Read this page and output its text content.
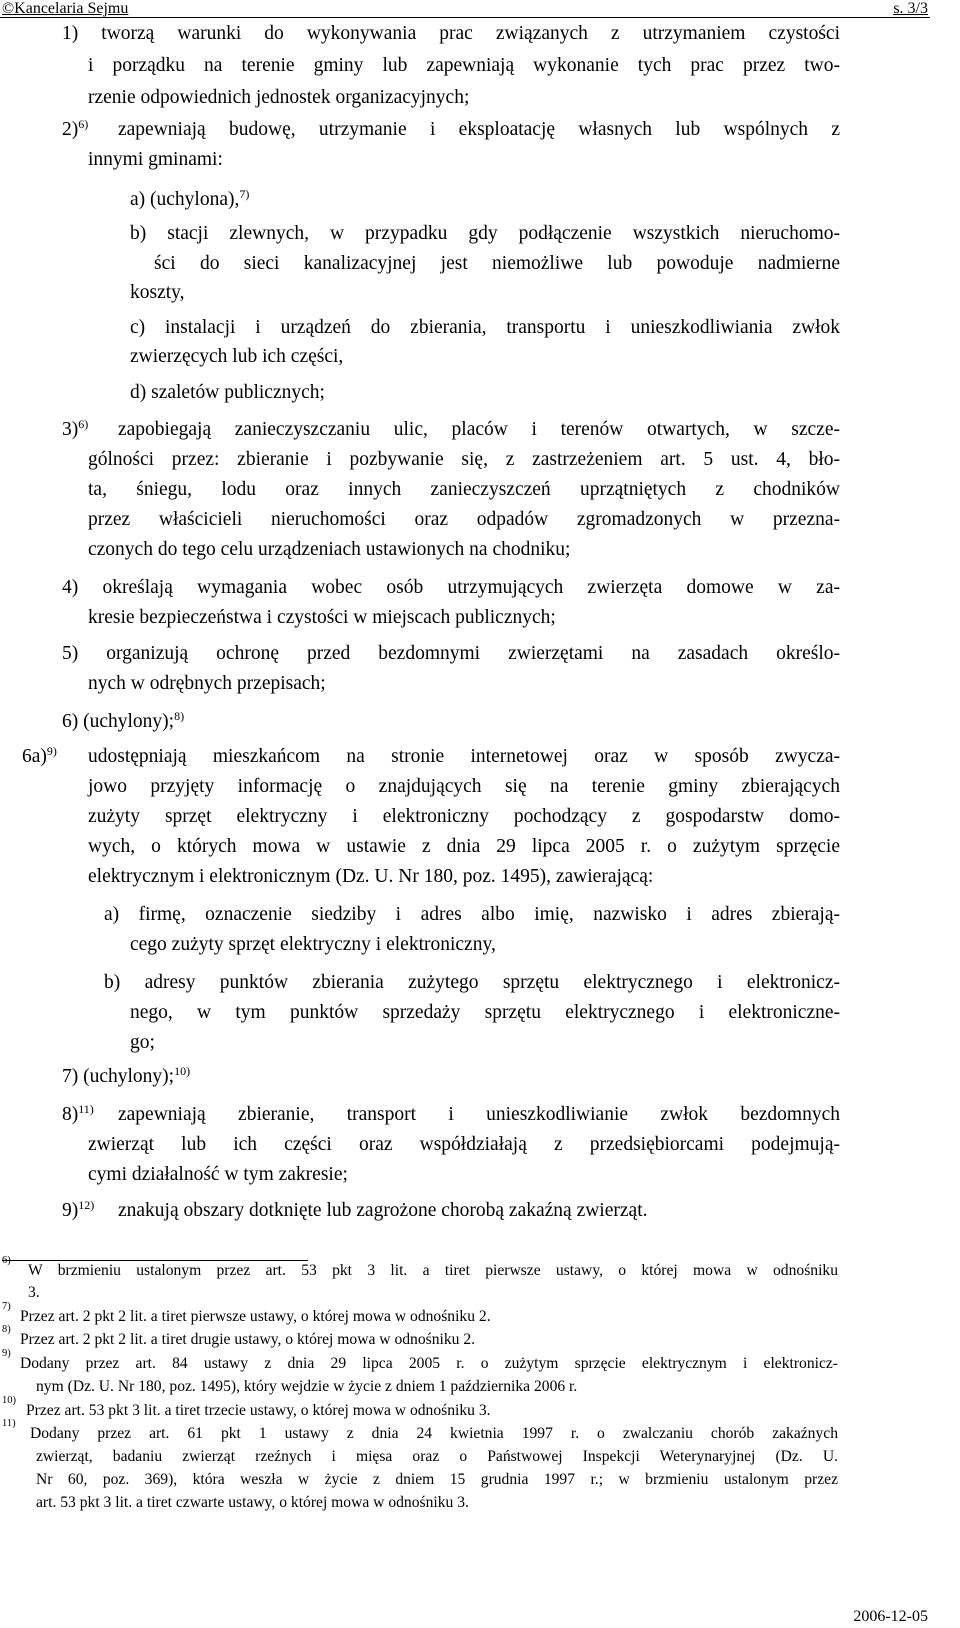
©Kancelaria Sejmu	s. 3/3
1) tworzą warunki do wykonywania prac związanych z utrzymaniem czystości
i porządku na terenie gminy lub zapewniają wykonanie tych prac przez two-
rzenie odpowiednich jednostek organizacyjnych;
2)$^{6)}$ zapewniają budowę, utrzymanie i eksploatację własnych lub wspólnych z
innymi gminami:
a) (uchylona),$^{7)}$
b) stacji zlewnych, w przypadku gdy podłączenie wszystkich nieruchomo-
ści do sieci kanalizacyjnej jest niemożliwe lub powoduje nadmierne
koszty,
c) instalacji i urządzeń do zbierania, transportu i unieszkodliwiania zwłok
zwierzęcych lub ich części,
d) szaletów publicznych;
3)$^{6)}$ zapobiegają zanieczyszczaniu ulic, placów i terenów otwartych, w szcze-
gólności przez: zbieranie i pozbywanie się, z zastrzeżeniem art. 5 ust. 4, bło-
ta, śniegu, lodu oraz innych zanieczyszczeń uprzątniętych z chodników
przez właścicieli nieruchomości oraz odpadów zgromadzonych w przezna-
czonych do tego celu urządzeniach ustawionych na chodniku;
4) określają wymagania wobec osób utrzymujących zwierzęta domowe w za-
kresie bezpieczeństwa i czystości w miejscach publicznych;
5) organizują ochronę przed bezdomnymi zwierzętami na zasadach określo-
nych w odrębnych przepisach;
6) (uchylony);$^{8)}$
6a)$^{9)}$ udostępniają mieszkańcom na stronie internetowej oraz w sposób zwycza-
jowo przyjęty informację o znajdujących się na terenie gminy zbierających
zużyty sprzęt elektryczny i elektroniczny pochodzący z gospodarstw domo-
wych, o których mowa w ustawie z dnia 29 lipca 2005 r. o zużytym sprzęcie
elektrycznym i elektronicznym (Dz. U. Nr 180, poz. 1495), zawierającą:
a) firmę, oznaczenie siedziby i adres albo imię, nazwisko i adres zbierają-
cego zużyty sprzęt elektryczny i elektroniczny,
b) adresy punktów zbierania zużytego sprzętu elektrycznego i elektronicz-
nego, w tym punktów sprzedaży sprzętu elektrycznego i elektroniczne-
go;
7) (uchylony);$^{10)}$
8)$^{11)}$ zapewniają zbieranie, transport i unieszkodliwianie zwłok bezdomnych
zwierząt lub ich części oraz współdziałają z przedsiębiorcami podejmują-
cymi działalność w tym zakresie;
9)$^{12)}$ znakują obszary dotknięte lub zagrożone chorobą zakaźną zwierząt.
$^{6)}$
W brzmieniu ustalonym przez art. 53 pkt 3 lit. a tiret pierwsze ustawy, o której mowa w odnośniku
3.
$^{7)}$
Przez art. 2 pkt 2 lit. a tiret pierwsze ustawy, o której mowa w odnośniku 2.
$^{8)}$
Przez art. 2 pkt 2 lit. a tiret drugie ustawy, o której mowa w odnośniku 2.
$^{9)}$
Dodany przez art. 84 ustawy z dnia 29 lipca 2005 r. o zużytym sprzęcie elektrycznym i elektronicz-
nym (Dz. U. Nr 180, poz. 1495), który wejdzie w życie z dniem 1 października 2006 r.
$^{10)}$
Przez art. 53 pkt 3 lit. a tiret trzecie ustawy, o której mowa w odnośniku 3.
$^{11)}$
Dodany przez art. 61 pkt 1 ustawy z dnia 24 kwietnia 1997 r. o zwalczaniu chorób zakaźnych
zwierząt, badaniu zwierząt rzeźnych i mięsa oraz o Państwowej Inspekcji Weterynaryjnej (Dz. U.
Nr 60, poz. 369), która weszła w życie z dniem 15 grudnia 1997 r.; w brzmieniu ustalonym przez
art. 53 pkt 3 lit. a tiret czwarte ustawy, o której mowa w odnośniku 3.
2006-12-05
